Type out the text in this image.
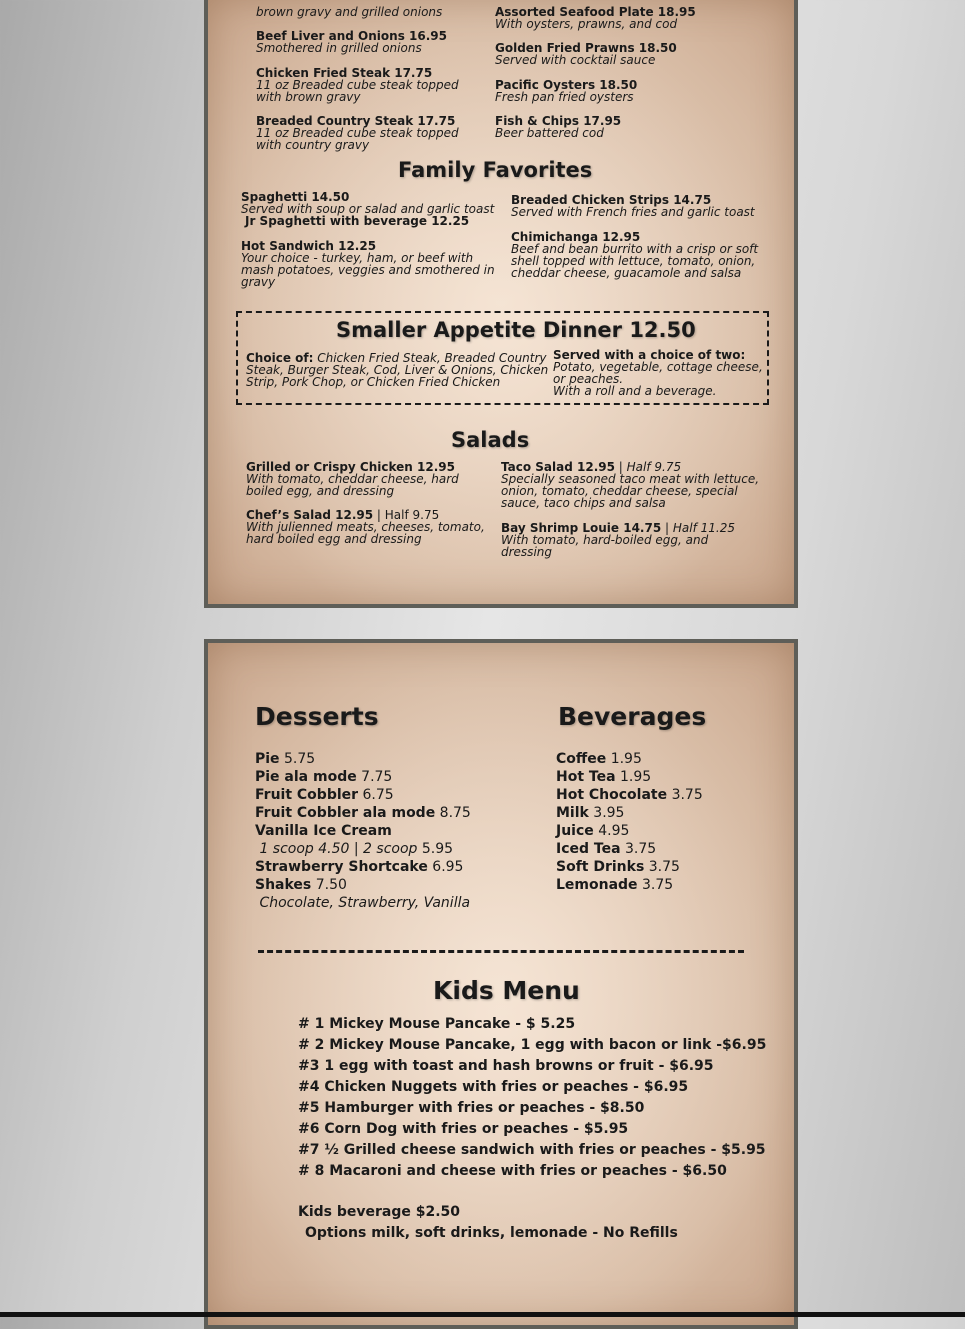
brown gravy and grilled onions

Beef Liver and Onions 16.95

Smothered in grilled onions

Chicken Fried Steak 17.75

11 oz Breaded cube steak topped

with brown gravy

Breaded Country Steak 17.75

11 oz Breaded cube steak topped

with country gravy

Assorted Seafood Plate 18.95

With oysters, prawns, and cod

Golden Fried Prawns 18.50

Served with cocktail sauce

Pacific Oysters 18.50

Fresh pan fried oysters

Fish & Chips 17.95

Beer battered cod

Family Favorites

Spaghetti 14.50

Served with soup or salad and garlic toast

Jr Spaghetti with beverage 12.25

Hot Sandwich 12.25

Your choice - turkey, ham, or beef with

mash potatoes, veggies and smothered in

gravy

Breaded Chicken Strips 14.75

Served with French fries and garlic toast

Chimichanga 12.95

Beef and bean burrito with a crisp or soft

shell topped with lettuce, tomato, onion,

cheddar cheese, guacamole and salsa

Smaller Appetite Dinner 12.50

Choice of: Chicken Fried Steak, Breaded Country

Steak, Burger Steak, Cod, Liver & Onions, Chicken

Strip, Pork Chop, or Chicken Fried Chicken

Served with a choice of two:

Potato, vegetable, cottage cheese,

or peaches.

With a roll and a beverage.

Salads

Grilled or Crispy Chicken 12.95

With tomato, cheddar cheese, hard

boiled egg, and dressing

Chef’s Salad 12.95 | Half 9.75

With julienned meats, cheeses, tomato,

hard boiled egg and dressing

Taco Salad 12.95 | Half 9.75

Specially seasoned taco meat with lettuce,

onion, tomato, cheddar cheese, special

sauce, taco chips and salsa

Bay Shrimp Louie 14.75 | Half 11.25

With tomato, hard-boiled egg, and

dressing

Desserts	Beverages

Pie 5.75
Pie ala mode 7.75
Fruit Cobbler 6.75
Fruit Cobbler ala mode 8.75
Vanilla Ice Cream
1 scoop 4.50 | 2 scoop 5.95
Strawberry Shortcake 6.95
Shakes 7.50
Chocolate, Strawberry, Vanilla
Coffee 1.95
Hot Tea 1.95
Hot Chocolate 3.75
Milk 3.95
Juice 4.95
Iced Tea 3.75
Soft Drinks 3.75
Lemonade 3.75

Kids Menu

# 1 Mickey Mouse Pancake - $ 5.25
# 2 Mickey Mouse Pancake, 1 egg with bacon or link -$6.95
#3 1 egg with toast and hash browns or fruit - $6.95
#4 Chicken Nuggets with fries or peaches - $6.95
#5 Hamburger with fries or peaches - $8.50
#6 Corn Dog with fries or peaches - $5.95
#7 ½ Grilled cheese sandwich with fries or peaches - $5.95
# 8 Macaroni and cheese with fries or peaches - $6.50

Kids beverage $2.50

Options milk, soft drinks, lemonade - No Refills
